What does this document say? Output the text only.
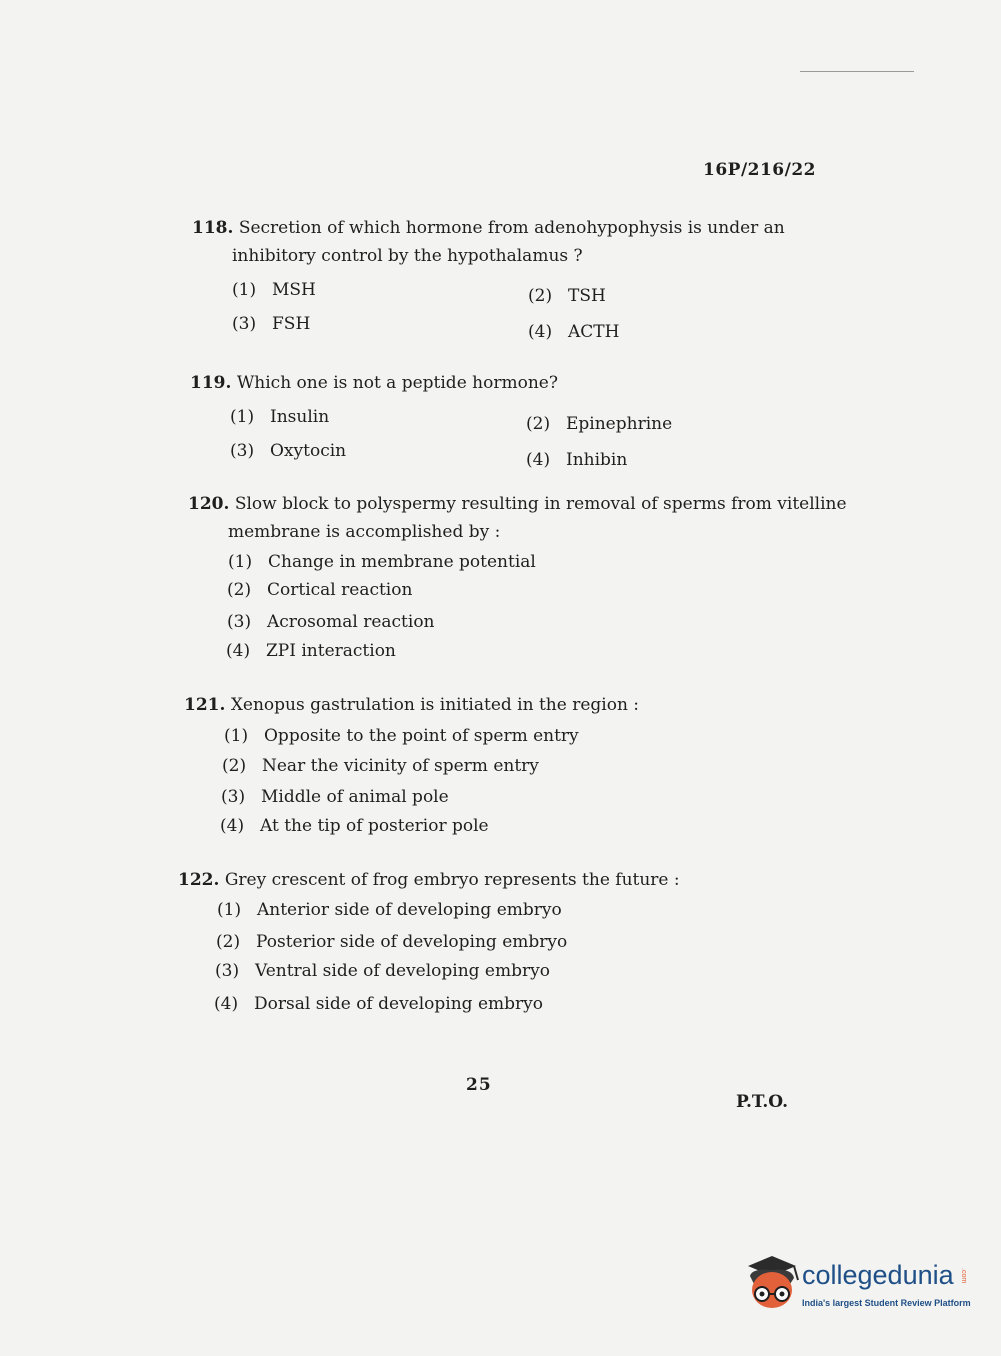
16P/216/22
118. Secretion of which hormone from adenohypophysis is under an
inhibitory control by the hypothalamus ?
(1) MSH	(2) TSH
(3) FSH	(4) ACTH
119. Which one is not a peptide hormone?
(1) Insulin	(2) Epinephrine
(3) Oxytocin	(4) Inhibin
120. Slow block to polyspermy resulting in removal of sperms from vitelline
membrane is accomplished by :
(1) Change in membrane potential
(2) Cortical reaction
(3) Acrosomal reaction
(4) ZPI interaction
121. Xenopus gastrulation is initiated in the region :
(1) Opposite to the point of sperm entry
(2) Near the vicinity of sperm entry
(3) Middle of animal pole
(4) At the tip of posterior pole
122. Grey crescent of frog embryo represents the future :
(1) Anterior side of developing embryo
(2) Posterior side of developing embryo
(3) Ventral side of developing embryo
(4) Dorsal side of developing embryo
25
P.T.O.
collegedunia .com
India's largest Student Review Platform
